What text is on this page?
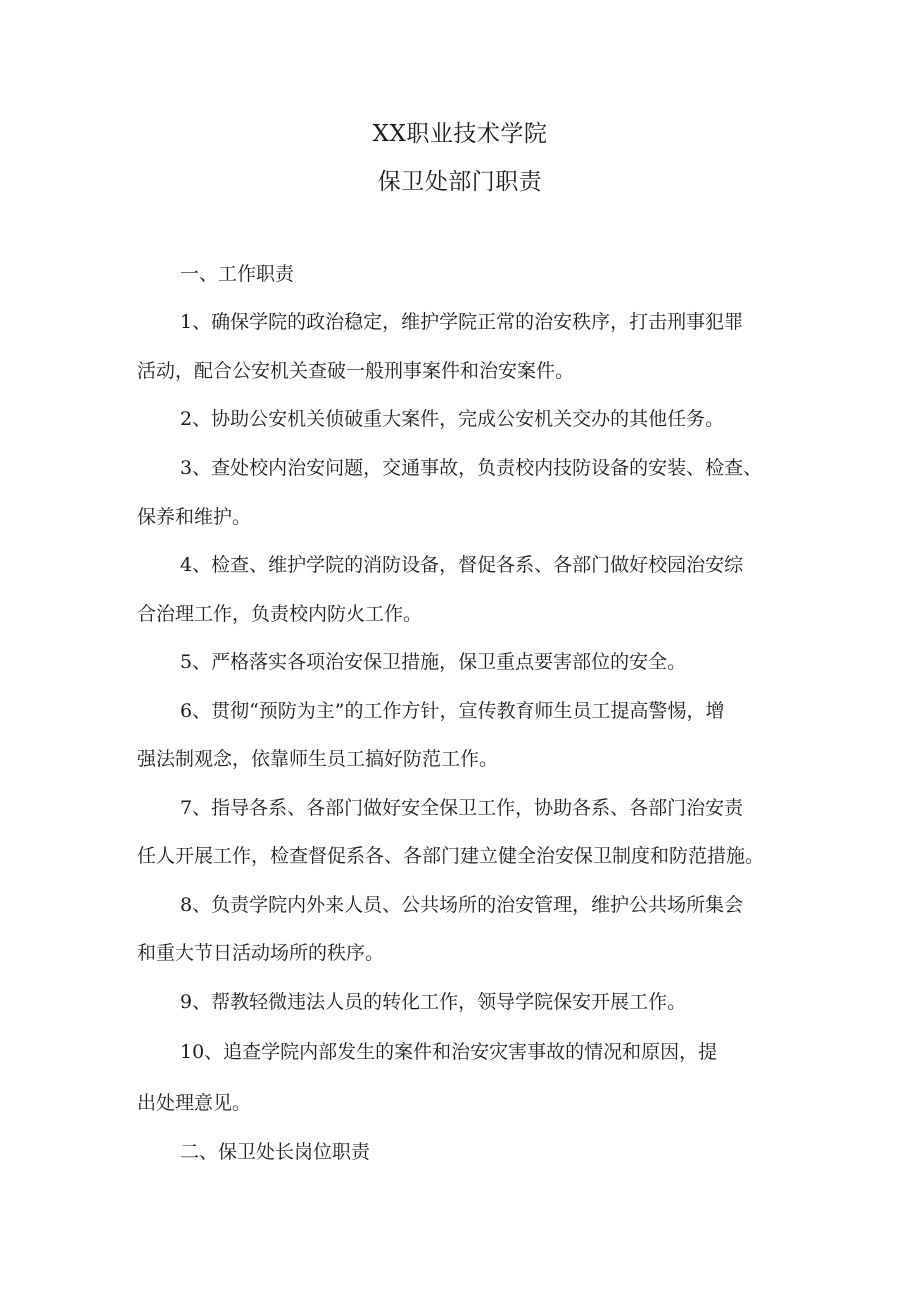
XX职业技术学院
保卫处部门职责
一、工作职责
1、确保学院的政治稳定，维护学院正常的治安秩序，打击刑事犯罪
活动，配合公安机关查破一般刑事案件和治安案件。
2、协助公安机关侦破重大案件，完成公安机关交办的其他任务。
3、查处校内治安问题，交通事故，负责校内技防设备的安装、检查、
保养和维护。
4、检查、维护学院的消防设备，督促各系、各部门做好校园治安综
合治理工作，负责校内防火工作。
5、严格落实各项治安保卫措施，保卫重点要害部位的安全。
6、贯彻“预防为主”的工作方针，宣传教育师生员工提高警惕，增
强法制观念，依靠师生员工搞好防范工作。
7、指导各系、各部门做好安全保卫工作，协助各系、各部门治安责
任人开展工作，检查督促系各、各部门建立健全治安保卫制度和防范措施。
8、负责学院内外来人员、公共场所的治安管理，维护公共场所集会
和重大节日活动场所的秩序。
9、帮教轻微违法人员的转化工作，领导学院保安开展工作。
10、追查学院内部发生的案件和治安灾害事故的情况和原因，提
出处理意见。
二、保卫处长岗位职责
